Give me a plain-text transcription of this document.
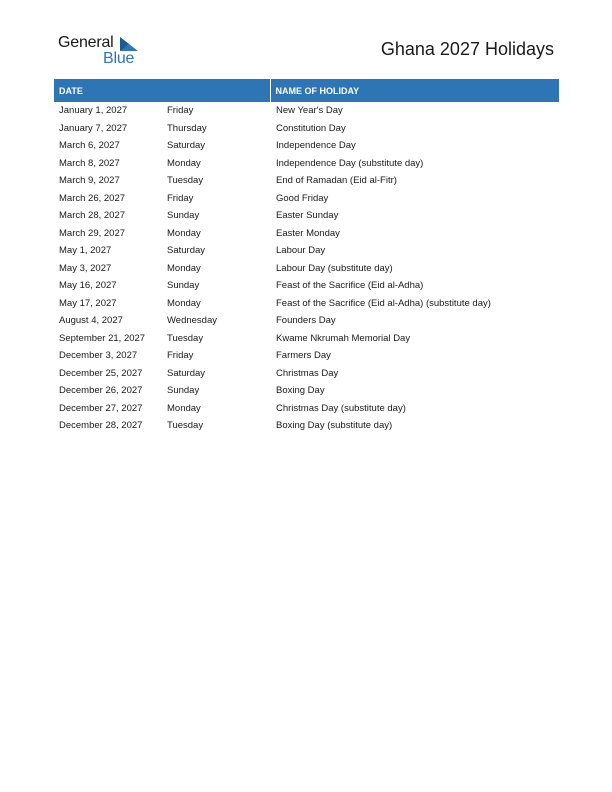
General
Blue	Ghana 2027 Holidays
DATE		NAME OF HOLIDAY
January 1, 2027	Friday	New Year's Day
January 7, 2027	Thursday	Constitution Day
March 6, 2027	Saturday	Independence Day
March 8, 2027	Monday	Independence Day (substitute day)
March 9, 2027	Tuesday	End of Ramadan (Eid al-Fitr)
March 26, 2027	Friday	Good Friday
March 28, 2027	Sunday	Easter Sunday
March 29, 2027	Monday	Easter Monday
May 1, 2027	Saturday	Labour Day
May 3, 2027	Monday	Labour Day (substitute day)
May 16, 2027	Sunday	Feast of the Sacrifice (Eid al-Adha)
May 17, 2027	Monday	Feast of the Sacrifice (Eid al-Adha) (substitute day)
August 4, 2027	Wednesday	Founders Day
September 21, 2027	Tuesday	Kwame Nkrumah Memorial Day
December 3, 2027	Friday	Farmers Day
December 25, 2027	Saturday	Christmas Day
December 26, 2027	Sunday	Boxing Day
December 27, 2027	Monday	Christmas Day (substitute day)
December 28, 2027	Tuesday	Boxing Day (substitute day)
